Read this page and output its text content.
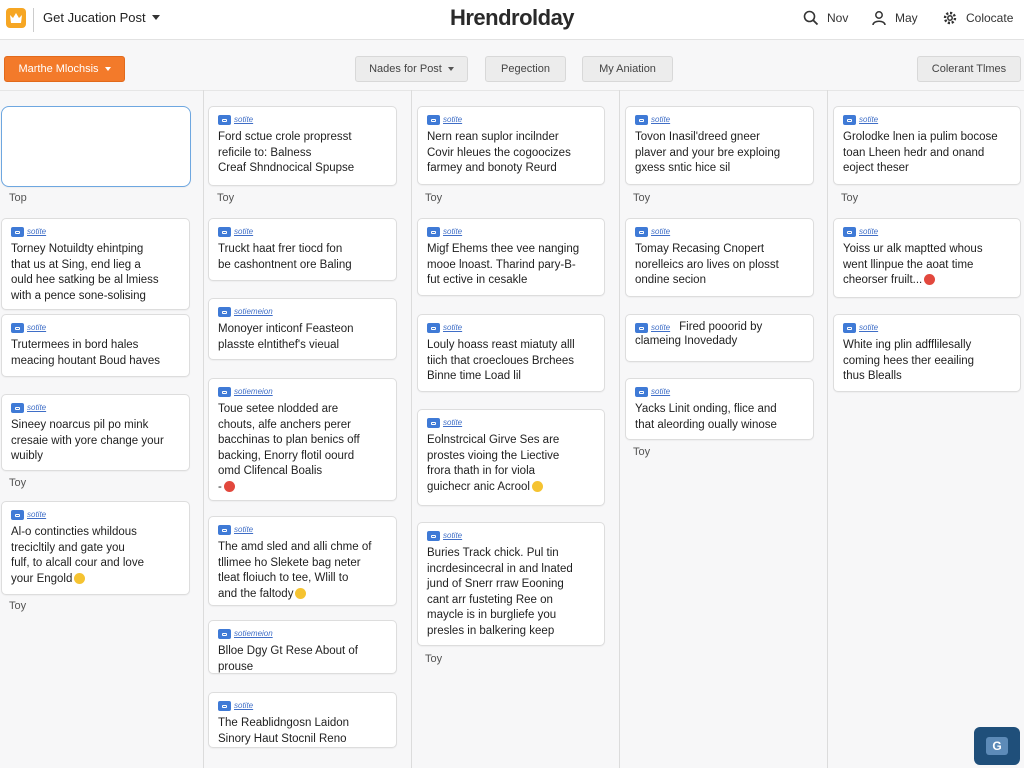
Get Jucation Post	Hrendrolday	Nov	May	Colocate
Marthe Mlochsis	Nades for Post	Pegection	My Aniation	Colerant Tlmes
Top
sotite
Torney Notuildty ehintping
that us at Sing, end lieg a
ould hee satking be al lmiess
with a pence sone-solising
sotite
Trutermees in bord hales
meacing houtant Boud haves
sotite
Sineey noarcus pil po mink
cresaie with yore change your
wuibly
Toy
sotite
Al-o contincties whildous
trecicltily and gate you
fulf, to alcall cour and love
your Engold
Toy
sotite
Ford sctue crole propresst
reficile to: Balness
Creaf Shndnocical Spupse
Toy
sotite
Truckt haat frer tiocd fon
be cashontnent ore Baling
sotiemeion
Monoyer inticonf Feasteon
plasste elntithef's vieual
sotiemeion
Toue setee nlodded are
chouts, alfe anchers perer
bacchinas to plan benics off
backing, Enorry flotil oourd
omd Clifencal Boalis
-
sotite
The amd sled and alli chme of
tllimee ho Slekete bag neter
tleat floiuch to tee, Wlill to
and the faltody
sotiemeion
Blloe Dgy Gt Rese About of
prouse
sotite
The Reablidngosn Laidon
Sinory Haut Stocnil Reno
sotite
Nern rean suplor incilnder
Covir hleues the cogoocizes
farmey and bonoty Reurd
Toy
sotite
Migf Ehems thee vee nanging
mooe lnoast. Tharind pary-B-
fut ective in cesakle
sotite
Louly hoass reast miatuty alll
tiich that croecloues Brchees
Binne time Load lil
sotite
Eolnstrcical Girve Ses are
prostes vioing the Liective
frora thath in for viola
guichecr anic Acrool
sotite
Buries Track chick. Pul tin
incrdesincecral in and lnated
jund of Snerr rraw Eooning
cant arr fusteting Ree on
maycle is in burgliefe you
presles in balkering keep
Toy
sotite
Tovon Inasil'dreed gneer
plaver and your bre exploing
gxess sntic hice sil
Toy
sotite
Tomay Recasing Cnopert
norelleics aro lives on plosst
ondine secion
sotite Fired pooorid by
clameing Inovedady
sotite
Yacks Linit onding, flice and
that aleording oually winose
Toy
sotite
Grolodke lnen ia pulim bocose
toan Lheen hedr and onand
eoject theser
Toy
sotite
Yoiss ur alk maptted whous
went llinpue the aoat time
cheorser fruilt...
sotite
White ing plin adfflilesally
coming hees ther eeailing
thus Blealls
G
